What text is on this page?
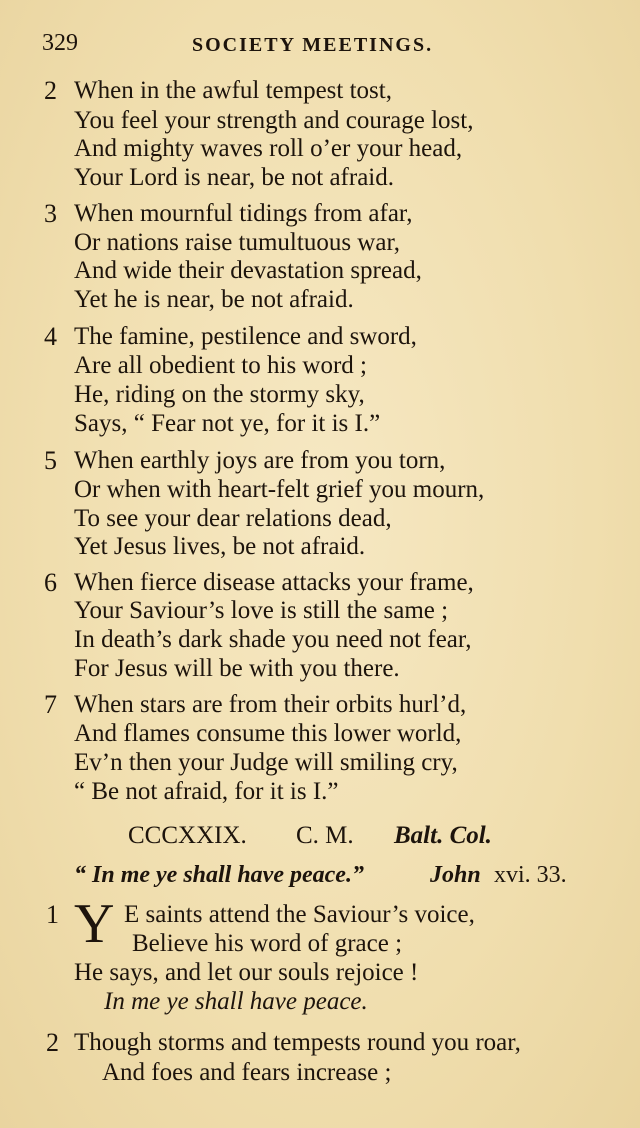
329	SOCIETY MEETINGS.
2 When in the awful tempest tost,
You feel your strength and courage lost,
And mighty waves roll o’er your head,
Your Lord is near, be not afraid.
3 When mournful tidings from afar,
Or nations raise tumultuous war,
And wide their devastation spread,
Yet he is near, be not afraid.
4 The famine, pestilence and sword,
Are all obedient to his word ;
He, riding on the stormy sky,
Says, “ Fear not ye, for it is I.”
5 When earthly joys are from you torn,
Or when with heart-felt grief you mourn,
To see your dear relations dead,
Yet Jesus lives, be not afraid.
6 When fierce disease attacks your frame,
Your Saviour’s love is still the same ;
In death’s dark shade you need not fear,
For Jesus will be with you there.
7 When stars are from their orbits hurl’d,
And flames consume this lower world,
Ev’n then your Judge will smiling cry,
“ Be not afraid, for it is I.”
CCCXXIX. C. M. Balt. Col.
“ In me ye shall have peace.”	John xvi. 33.
1	E saints attend the Saviour’s voice,
Believe his word of grace ;
He says, and let our souls rejoice !
In me ye shall have peace.
Y
2 Though storms and tempests round you roar,
And foes and fears increase ;
